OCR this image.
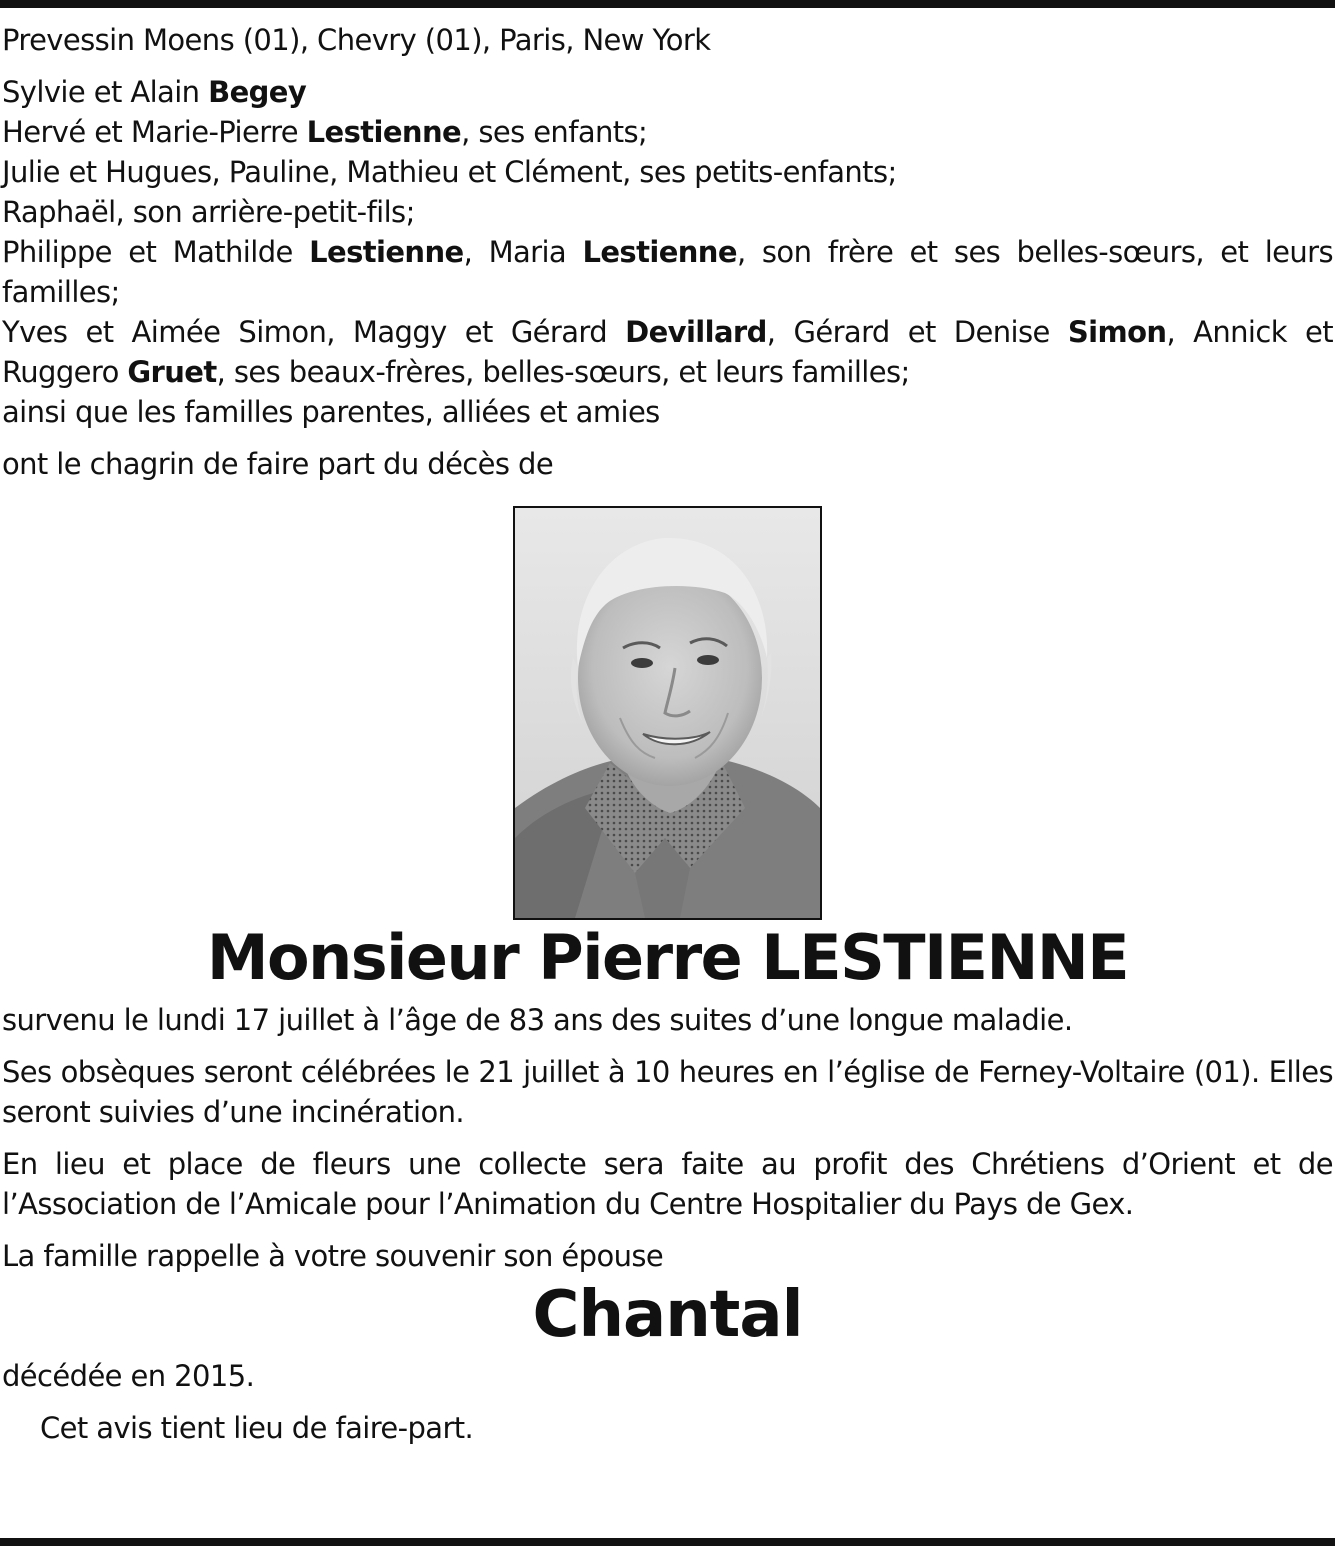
Prevessin Moens (01), Chevry (01), Paris, New York

Sylvie et Alain Begey

Hervé et Marie-Pierre Lestienne, ses enfants;

Julie et Hugues, Pauline, Mathieu et Clément, ses petits-enfants;

Raphaël, son arrière-petit-fils;

Philippe et Mathilde Lestienne, Maria Lestienne, son frère et ses belles-sœurs, et leurs familles;

Yves et Aimée Simon, Maggy et Gérard Devillard, Gérard et Denise Simon, Annick et Ruggero Gruet, ses beaux-frères, belles-sœurs, et leurs familles;

ainsi que les familles parentes, alliées et amies

ont le chagrin de faire part du décès de

Monsieur Pierre LESTIENNE

survenu le lundi 17 juillet à l’âge de 83 ans des suites d’une longue maladie.

Ses obsèques seront célébrées le 21 juillet à 10 heures en l’église de Ferney-Voltaire (01). Elles seront suivies d’une incinération.

En lieu et place de fleurs une collecte sera faite au profit des Chrétiens d’Orient et de l’Association de l’Amicale pour l’Animation du Centre Hospitalier du Pays de Gex.

La famille rappelle à votre souvenir son épouse

Chantal

décédée en 2015.

Cet avis tient lieu de faire-part.
